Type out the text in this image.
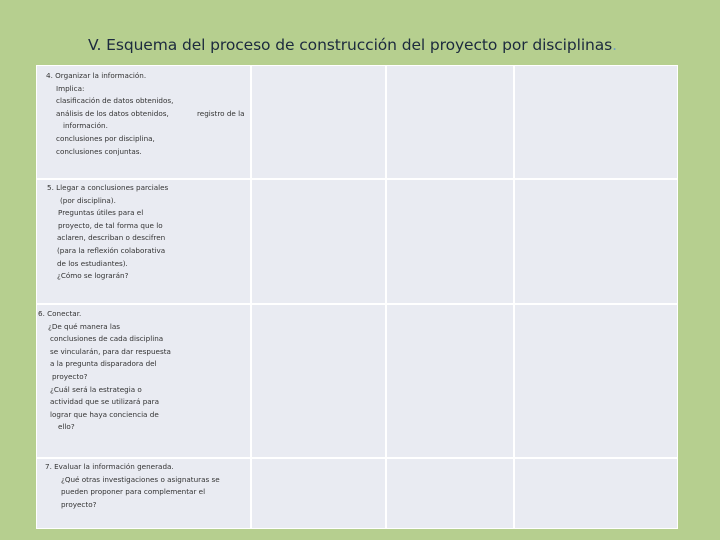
V. Esquema del proceso de construcción del proyecto por disciplinas.
4. Organizar la información.
Implica:
clasificación de datos obtenidos,
análisis de los datos obtenidos,
información.
conclusiones por disciplina,
conclusiones conjuntas.
registro de la
5. Llegar a conclusiones parciales
(por disciplina).
Preguntas útiles para el
proyecto, de tal forma que lo
aclaren, describan o descifren
(para la reflexión colaborativa
de los estudiantes).
¿Cómo se lograrán?
6. Conectar.
¿De qué manera las
conclusiones de cada disciplina
se vincularán, para dar respuesta
a la pregunta disparadora del
proyecto?
¿Cuál será la estrategia o
actividad que se utilizará para
lograr que haya conciencia de
ello?
7. Evaluar la información generada.
¿Qué otras investigaciones o asignaturas se
pueden proponer para complementar el
proyecto?
